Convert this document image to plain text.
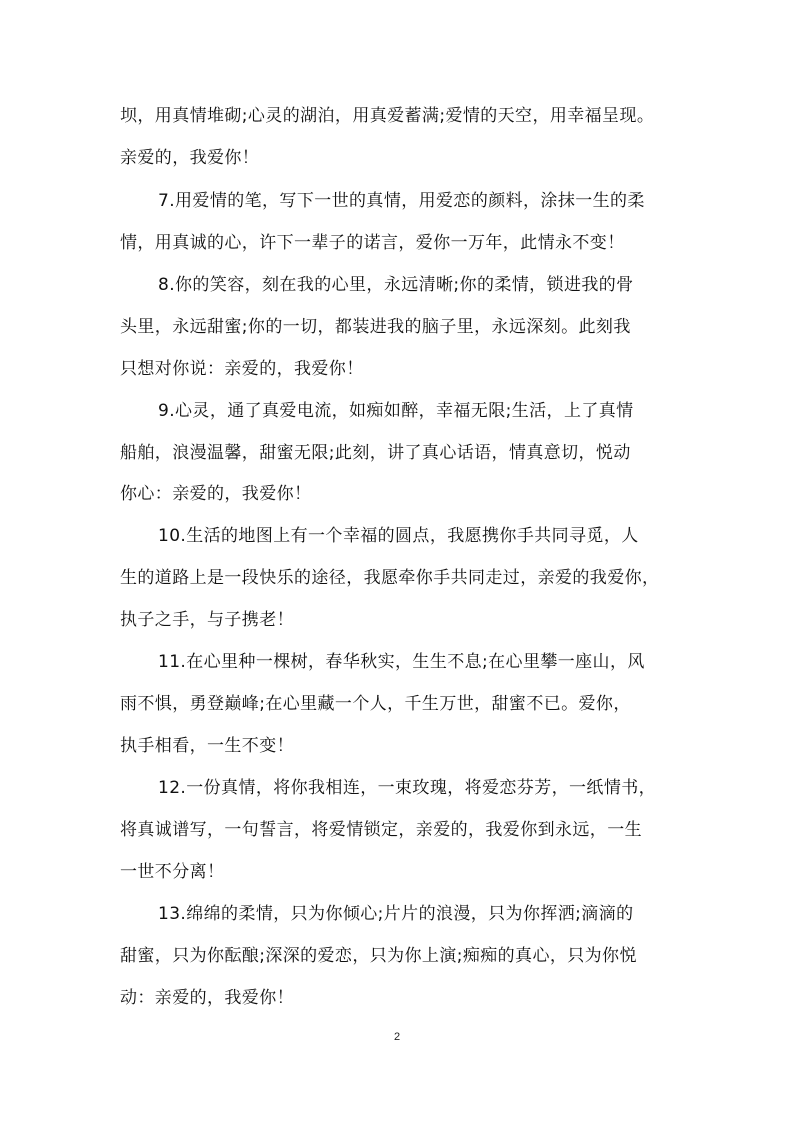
坝，用真情堆砌;心灵的湖泊，用真爱蓄满;爱情的天空，用幸福呈现。
亲爱的，我爱你！
7.用爱情的笔，写下一世的真情，用爱恋的颜料，涂抹一生的柔
情，用真诚的心，许下一辈子的诺言，爱你一万年，此情永不变！
8.你的笑容，刻在我的心里，永远清晰;你的柔情，锁进我的骨
头里，永远甜蜜;你的一切，都装进我的脑子里，永远深刻。此刻我
只想对你说：亲爱的，我爱你！
9.心灵，通了真爱电流，如痴如醉，幸福无限;生活，上了真情
船舶，浪漫温馨，甜蜜无限;此刻，讲了真心话语，情真意切，悦动
你心：亲爱的，我爱你！
10.生活的地图上有一个幸福的圆点，我愿携你手共同寻觅，人
生的道路上是一段快乐的途径，我愿牵你手共同走过，亲爱的我爱你，
执子之手，与子携老！
11.在心里种一棵树，春华秋实，生生不息;在心里攀一座山，风
雨不惧，勇登巅峰;在心里藏一个人，千生万世，甜蜜不已。爱你，
执手相看，一生不变！
12.一份真情，将你我相连，一束玫瑰，将爱恋芬芳，一纸情书，
将真诚谱写，一句誓言，将爱情锁定，亲爱的，我爱你到永远，一生
一世不分离！
13.绵绵的柔情，只为你倾心;片片的浪漫，只为你挥洒;滴滴的
甜蜜，只为你酝酿;深深的爱恋，只为你上演;痴痴的真心，只为你悦
动：亲爱的，我爱你！
2
